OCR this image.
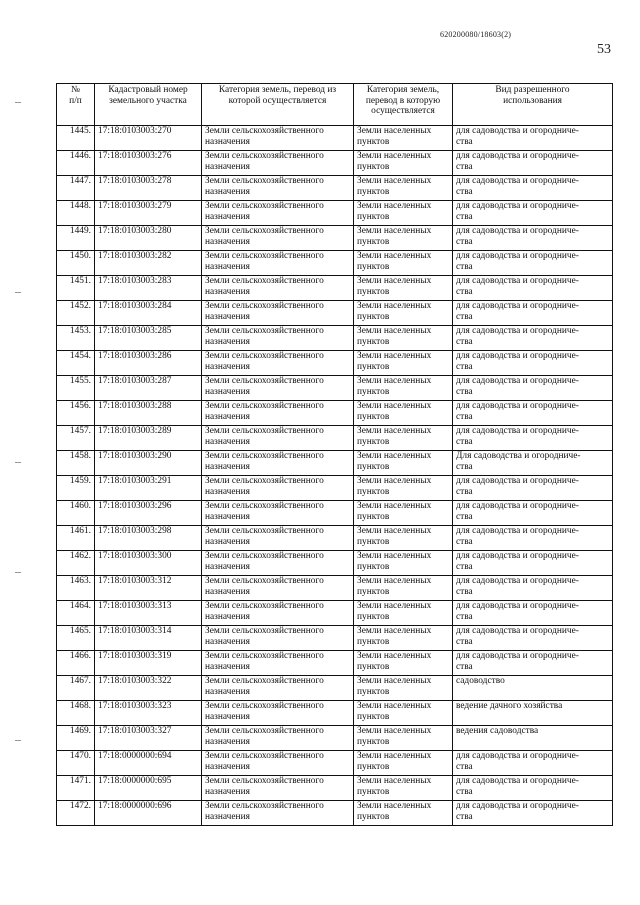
620200080/18603(2)
53
№
п/п	Кадастровый номер
земельного участка	Категория земель, перевод из
которой осуществляется	Категория земель,
перевод в которую
осуществляется	Вид разрешенного
использования

1445.	17:18:0103003:270	Земли сельскохозяйственного
назначения	Земли населенных
пунктов	для садоводства и огородниче-
ства

1446.	17:18:0103003:276	Земли сельскохозяйственного
назначения	Земли населенных
пунктов	для садоводства и огородниче-
ства

1447.	17:18:0103003:278	Земли сельскохозяйственного
назначения	Земли населенных
пунктов	для садоводства и огородниче-
ства

1448.	17:18:0103003:279	Земли сельскохозяйственного
назначения	Земли населенных
пунктов	для садоводства и огородниче-
ства

1449.	17:18:0103003:280	Земли сельскохозяйственного
назначения	Земли населенных
пунктов	для садоводства и огородниче-
ства

1450.	17:18:0103003:282	Земли сельскохозяйственного
назначения	Земли населенных
пунктов	для садоводства и огородниче-
ства

1451.	17:18:0103003:283	Земли сельскохозяйственного
назначения	Земли населенных
пунктов	для садоводства и огородниче-
ства

1452.	17:18:0103003:284	Земли сельскохозяйственного
назначения	Земли населенных
пунктов	для садоводства и огородниче-
ства

1453.	17:18:0103003:285	Земли сельскохозяйственного
назначения	Земли населенных
пунктов	для садоводства и огородниче-
ства

1454.	17:18:0103003:286	Земли сельскохозяйственного
назначения	Земли населенных
пунктов	для садоводства и огородниче-
ства

1455.	17:18:0103003:287	Земли сельскохозяйственного
назначения	Земли населенных
пунктов	для садоводства и огородниче-
ства

1456.	17:18:0103003:288	Земли сельскохозяйственного
назначения	Земли населенных
пунктов	для садоводства и огородниче-
ства

1457.	17:18:0103003:289	Земли сельскохозяйственного
назначения	Земли населенных
пунктов	для садоводства и огородниче-
ства

1458.	17:18:0103003:290	Земли сельскохозяйственного
назначения	Земли населенных
пунктов	Для садоводства и огородниче-
ства

1459.	17:18:0103003:291	Земли сельскохозяйственного
назначения	Земли населенных
пунктов	для садоводства и огородниче-
ства

1460.	17:18:0103003:296	Земли сельскохозяйственного
назначения	Земли населенных
пунктов	для садоводства и огородниче-
ства

1461.	17:18:0103003:298	Земли сельскохозяйственного
назначения	Земли населенных
пунктов	для садоводства и огородниче-
ства

1462.	17:18:0103003:300	Земли сельскохозяйственного
назначения	Земли населенных
пунктов	для садоводства и огородниче-
ства

1463.	17:18:0103003:312	Земли сельскохозяйственного
назначения	Земли населенных
пунктов	для садоводства и огородниче-
ства

1464.	17:18:0103003:313	Земли сельскохозяйственного
назначения	Земли населенных
пунктов	для садоводства и огородниче-
ства

1465.	17:18:0103003:314	Земли сельскохозяйственного
назначения	Земли населенных
пунктов	для садоводства и огородниче-
ства

1466.	17:18:0103003:319	Земли сельскохозяйственного
назначения	Земли населенных
пунктов	для садоводства и огородниче-
ства

1467.	17:18:0103003:322	Земли сельскохозяйственного
назначения	Земли населенных
пунктов	садоводство

1468.	17:18:0103003:323	Земли сельскохозяйственного
назначения	Земли населенных
пунктов	ведение дачного хозяйства

1469.	17:18:0103003:327	Земли сельскохозяйственного
назначения	Земли населенных
пунктов	ведения садоводства

1470.	17:18:0000000:694	Земли сельскохозяйственного
назначения	Земли населенных
пунктов	для садоводства и огородниче-
ства

1471.	17:18:0000000:695	Земли сельскохозяйственного
назначения	Земли населенных
пунктов	для садоводства и огородниче-
ства

1472.	17:18:0000000:696	Земли сельскохозяйственного
назначения	Земли населенных
пунктов	для садоводства и огородниче-
ства
